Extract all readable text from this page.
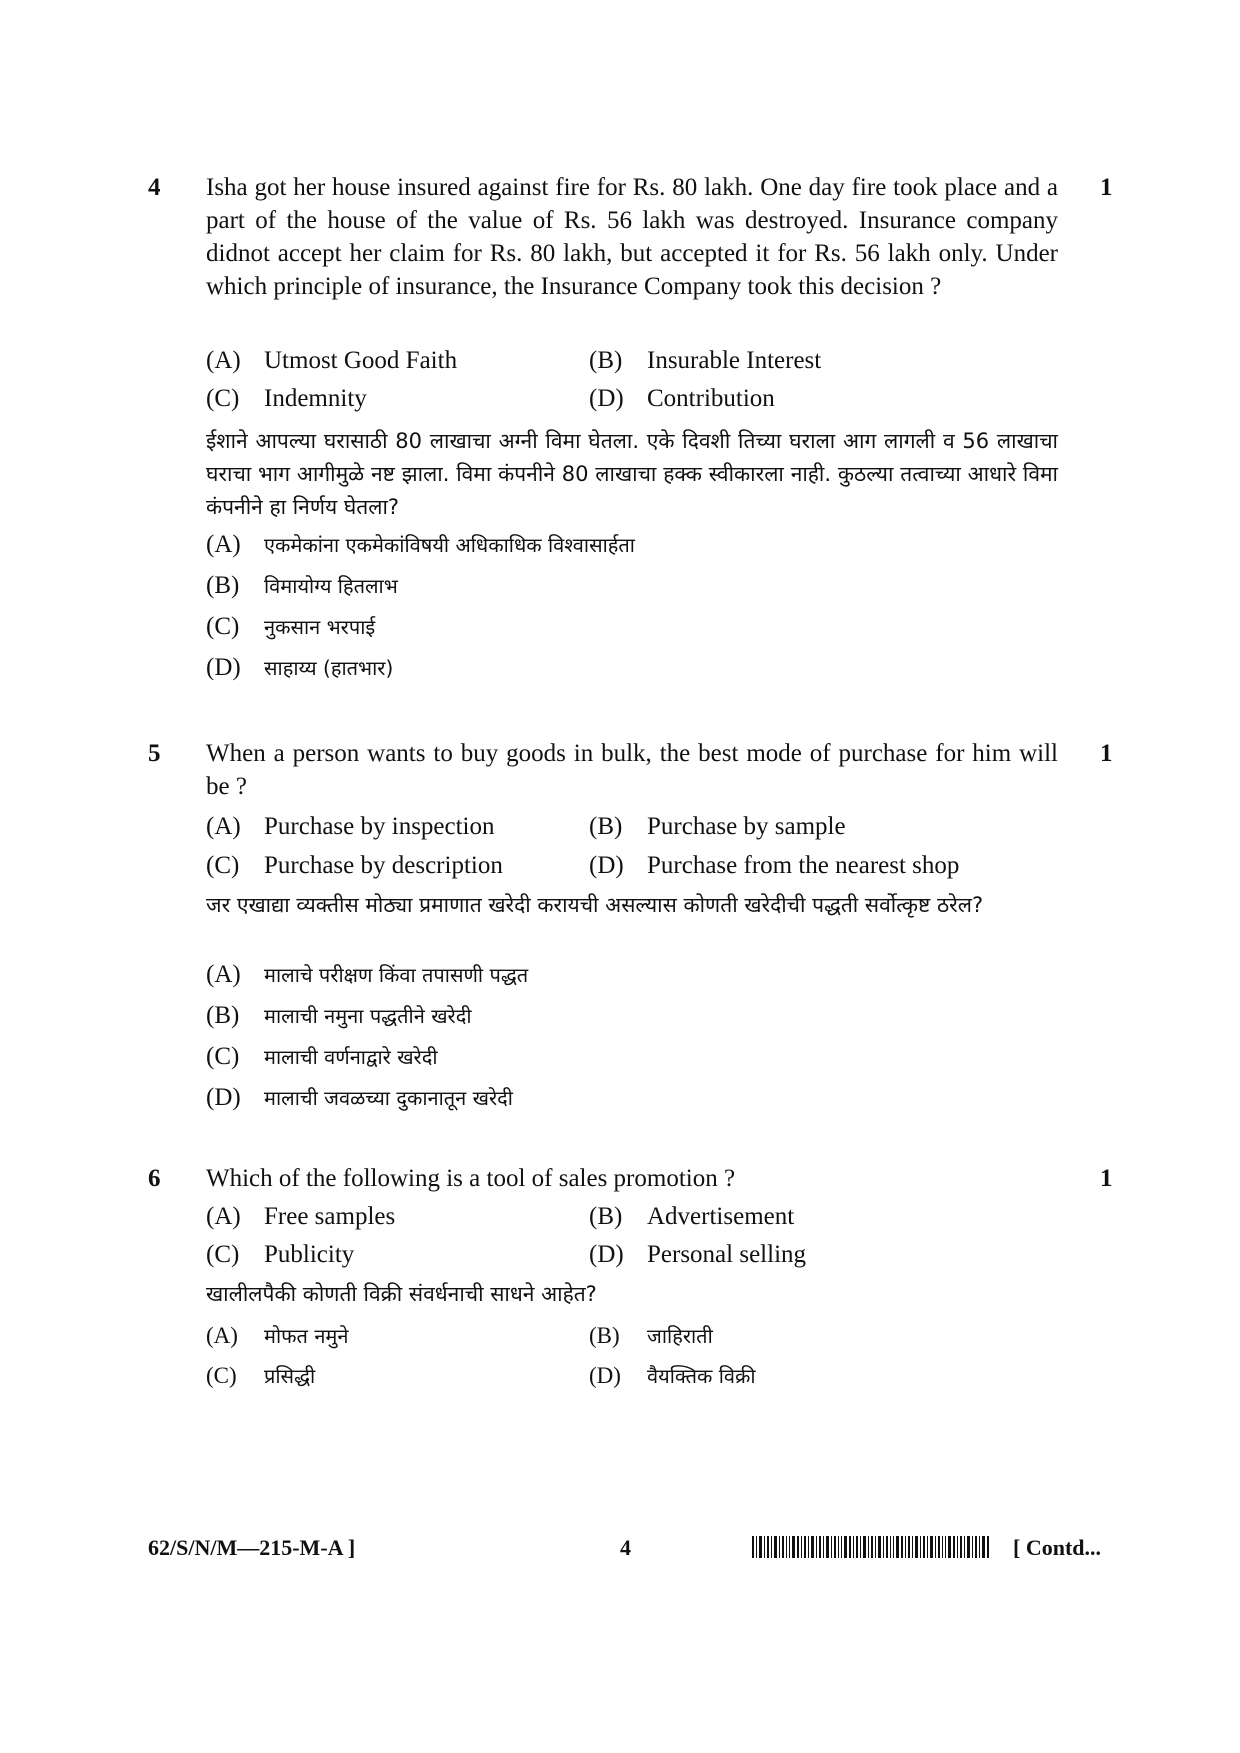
4	1
Isha got her house insured against fire for Rs. 80 lakh. One day fire took place and a part of the house of the value of Rs. 56 lakh was destroyed. Insurance company didnot accept her claim for Rs. 80 lakh, but accepted it for Rs. 56 lakh only. Under which principle of insurance, the Insurance Company took this decision ?
(A) Utmost Good Faith	(B) Insurable Interest
(C) Indemnity	(D) Contribution
ईशाने आपल्या घरासाठी 80 लाखाचा अग्नी विमा घेतला. एके दिवशी तिच्या घराला आग लागली व 56 लाखाचा घराचा भाग आगीमुळे नष्ट झाला. विमा कंपनीने 80 लाखाचा हक्क स्वीकारला नाही. कुठल्या तत्वाच्या आधारे विमा कंपनीने हा निर्णय घेतला?
(A) एकमेकांना एकमेकांविषयी अधिकाधिक विश्वासार्हता
(B) विमायोग्य हितलाभ
(C) नुकसान भरपाई
(D) साहाय्य (हातभार)
5	1
When a person wants to buy goods in bulk, the best mode of purchase for him will be ?
(A) Purchase by inspection	(B) Purchase by sample
(C) Purchase by description	(D) Purchase from the nearest shop
जर एखाद्या व्यक्तीस मोठ्या प्रमाणात खरेदी करायची असल्यास कोणती खरेदीची पद्धती सर्वोत्कृष्ट ठरेल?
(A) मालाचे परीक्षण किंवा तपासणी पद्धत
(B) मालाची नमुना पद्धतीने खरेदी
(C) मालाची वर्णनाद्वारे खरेदी
(D) मालाची जवळच्या दुकानातून खरेदी
6	1
Which of the following is a tool of sales promotion ?
(A) Free samples	(B) Advertisement
(C) Publicity	(D) Personal selling
खालीलपैकी कोणती विक्री संवर्धनाची साधने आहेत?
(A) मोफत नमुने	(B) जाहिराती
(C) प्रसिद्धी	(D) वैयक्तिक विक्री
62/S/N/M—215-M-A ]	4	[ Contd...
